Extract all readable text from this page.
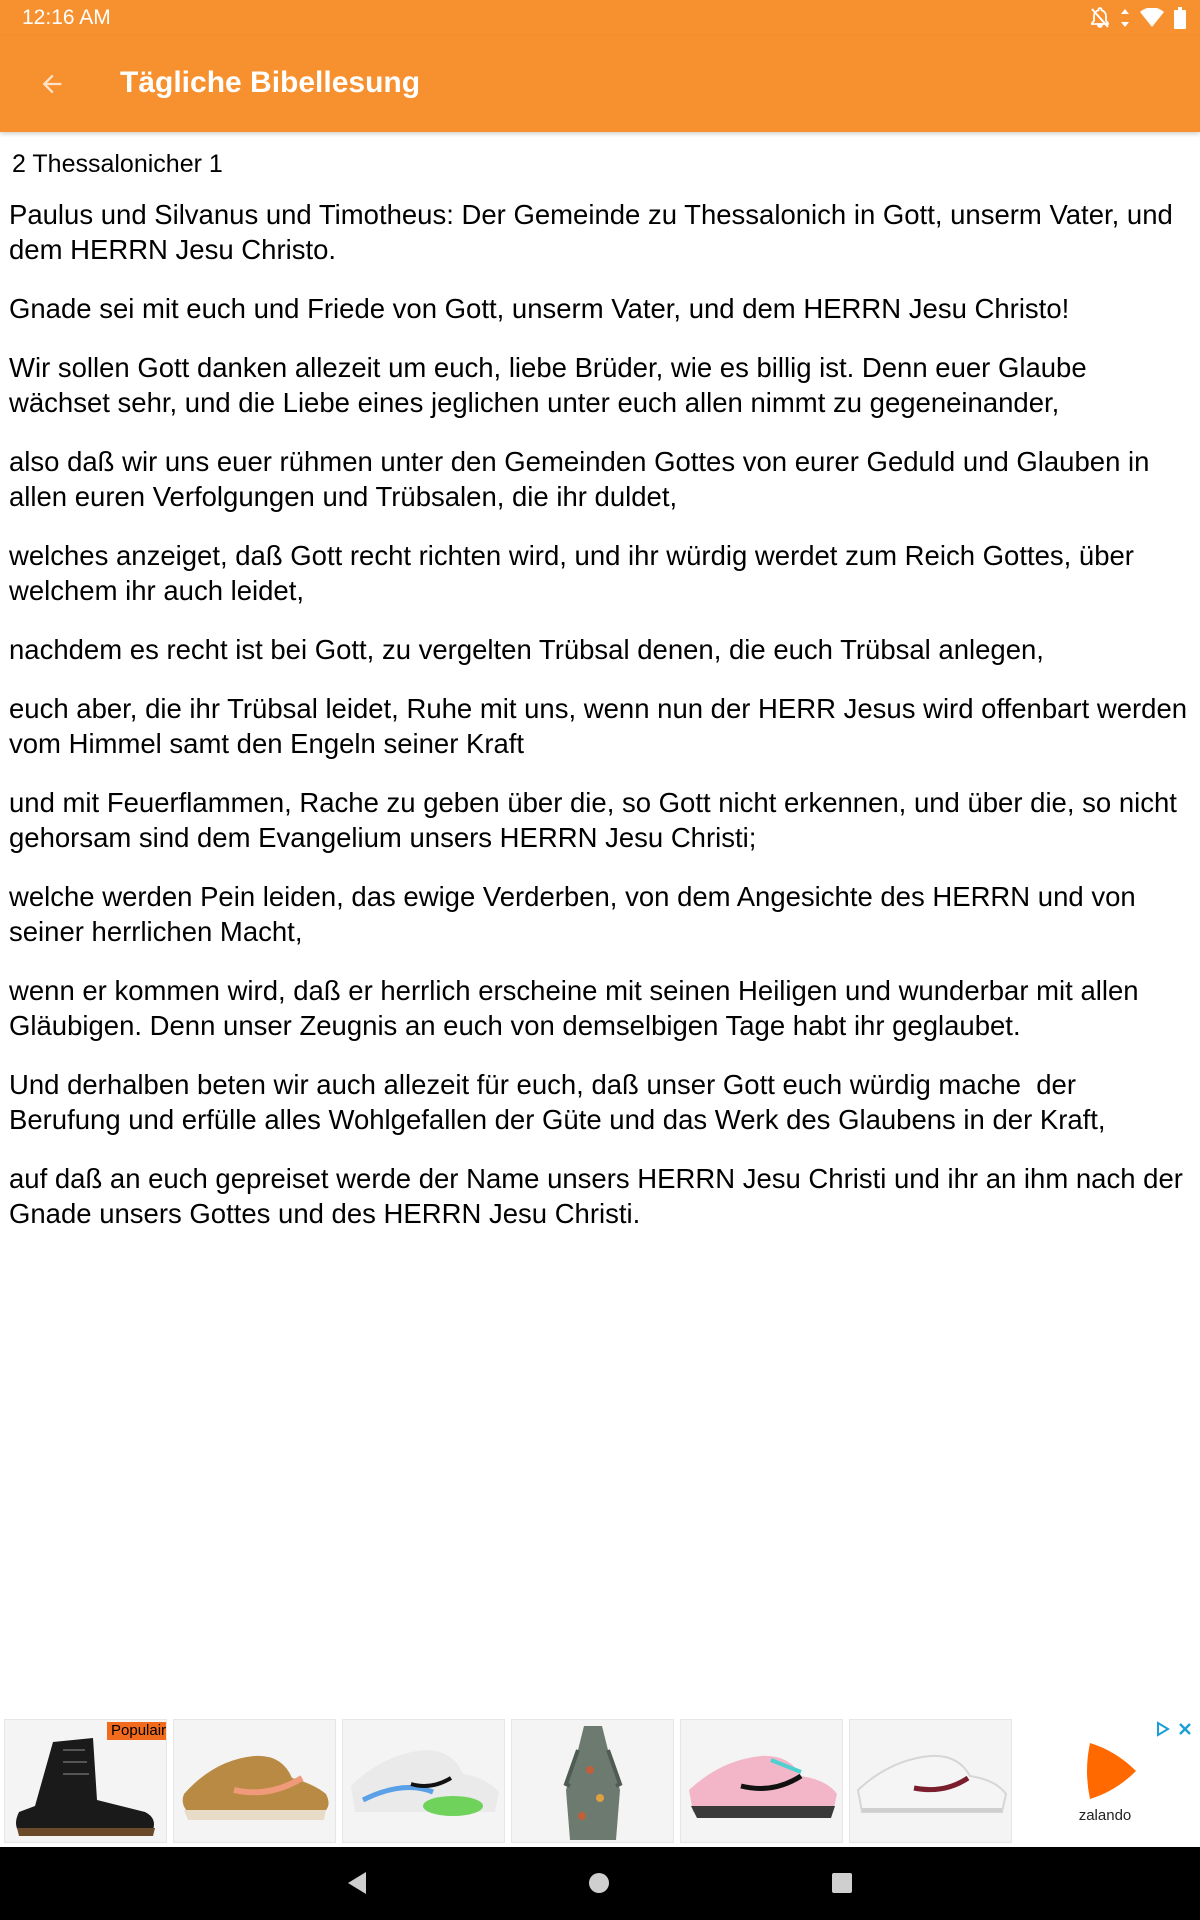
12:16 AM
Tägliche Bibellesung
2 Thessalonicher 1
Paulus und Silvanus und Timotheus: Der Gemeinde zu Thessalonich in Gott, unserm Vater, und dem HERRN Jesu Christo.
Gnade sei mit euch und Friede von Gott, unserm Vater, und dem HERRN Jesu Christo!
Wir sollen Gott danken allezeit um euch, liebe Brüder, wie es billig ist. Denn euer Glaube wächset sehr, und die Liebe eines jeglichen unter euch allen nimmt zu gegeneinander,
also daß wir uns euer rühmen unter den Gemeinden Gottes von eurer Geduld und Glauben in allen euren Verfolgungen und Trübsalen, die ihr duldet,
welches anzeiget, daß Gott recht richten wird, und ihr würdig werdet zum Reich Gottes, über welchem ihr auch leidet,
nachdem es recht ist bei Gott, zu vergelten Trübsal denen, die euch Trübsal anlegen,
euch aber, die ihr Trübsal leidet, Ruhe mit uns, wenn nun der HERR Jesus wird offenbart werden vom Himmel samt den Engeln seiner Kraft
und mit Feuerflammen, Rache zu geben über die, so Gott nicht erkennen, und über die, so nicht gehorsam sind dem Evangelium unsers HERRN Jesu Christi;
welche werden Pein leiden, das ewige Verderben, von dem Angesichte des HERRN und von seiner herrlichen Macht,
wenn er kommen wird, daß er herrlich erscheine mit seinen Heiligen und wunderbar mit allen Gläubigen. Denn unser Zeugnis an euch von demselbigen Tage habt ihr geglaubet.
Und derhalben beten wir auch allezeit für euch, daß unser Gott euch würdig mache  der Berufung und erfülle alles Wohlgefallen der Güte und das Werk des Glaubens in der Kraft,
auf daß an euch gepreiset werde der Name unsers HERRN Jesu Christi und ihr an ihm nach der Gnade unsers Gottes und des HERRN Jesu Christi.
Populair
zalando
